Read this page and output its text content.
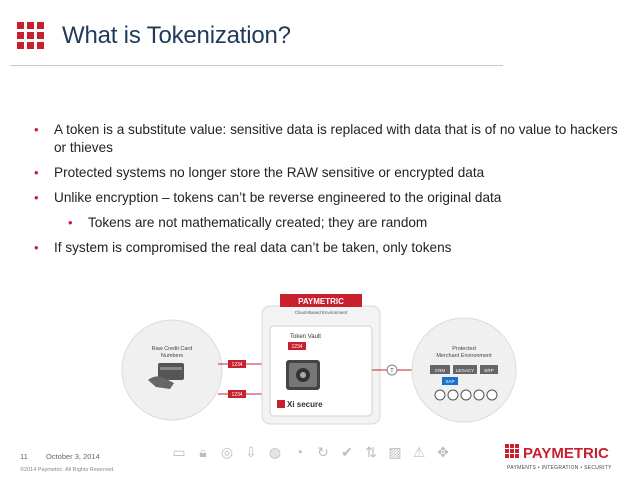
What is Tokenization?
• A token is a substitute value: sensitive data is replaced with data that is of no value to hackers or thieves
• Protected systems no longer store the RAW sensitive or encrypted data
• Unlike encryption – tokens can’t be reverse engineered to the original data
• Tokens are not mathematically created; they are random
• If system is compromised the real data can’t be taken, only tokens
Raw Credit Card
Numbers
1234
1234
PAYMETRIC
Cloud-Based Environment
Token Vault
1234
Xi secure
T
Protected
Merchant Environment
CRM LEGACY ERP
SAP
11 October 3, 2014
©2014 Paymetric. All Rights Reserved.
▭ 🔒︎	◎ ⇩ ◍ ◔ ↻ ✔ ⇅ ▨ ⚠ ✥	PAYMETRIC
PAYMENTS • INTEGRATION • SECURITY
